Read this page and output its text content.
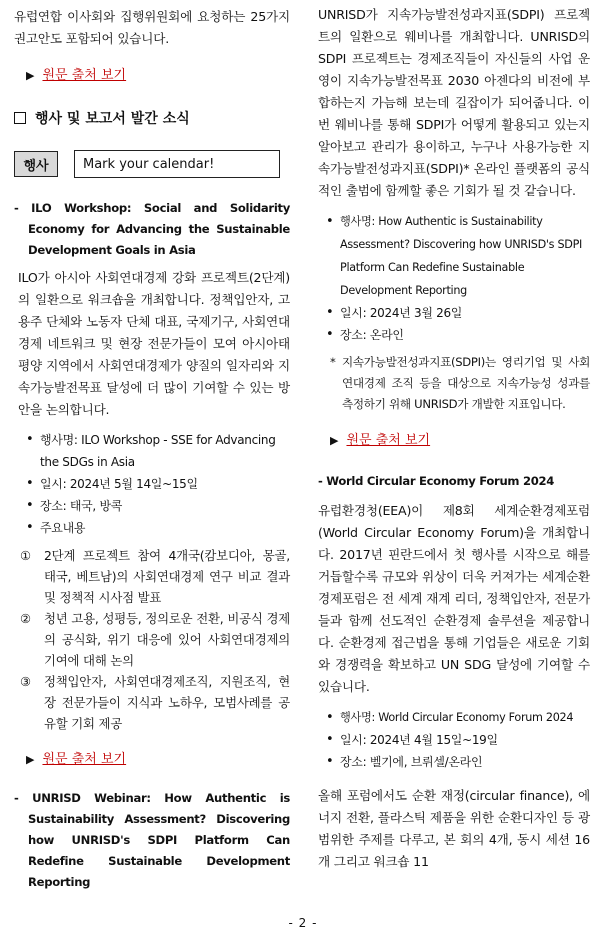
유럽연합 이사회와 집행위원회에 요청하는 25가지 권고안도 포함되어 있습니다.

▶ 원문 출처 보기
행사 및 보고서 발간 소식
행사	Mark your calendar!

- ILO Workshop: Social and Solidarity Economy for Advancing the Sustainable Development Goals in Asia

ILO가 아시아 사회연대경제 강화 프로젝트(2단계)의 일환으로 워크숍을 개최합니다. 정책입안자, 고용주 단체와 노동자 단체 대표, 국제기구, 사회연대경제 네트워크 및 현장 전문가들이 모여 아시아태평양 지역에서 사회연대경제가 양질의 일자리와 지속가능발전목표 달성에 더 많이 기여할 수 있는 방안을 논의합니다.

• 행사명: ILO Workshop - SSE for Advancing the SDGs in Asia
• 일시: 2024년 5월 14일~15일
• 장소: 태국, 방콕
• 주요내용
① 2단계 프로젝트 참여 4개국(캄보디아, 몽골, 태국, 베트남)의 사회연대경제 연구 비교 결과 및 정책적 시사점 발표
② 청년 고용, 성평등, 정의로운 전환, 비공식 경제의 공식화, 위기 대응에 있어 사회연대경제의 기여에 대해 논의
③ 정책입안자, 사회연대경제조직, 지원조직, 현장 전문가들이 지식과 노하우, 모범사례를 공유할 기회 제공
▶ 원문 출처 보기

- UNRISD Webinar: How Authentic is Sustainability Assessment? Discovering how UNRISD's SDPI Platform Can Redefine Sustainable Development Reporting

UNRISD가 지속가능발전성과지표(SDPI) 프로젝트의 일환으로 웨비나를 개최합니다. UNRISD의 SDPI 프로젝트는 경제조직들이 자신들의 사업 운영이 지속가능발전목표 2030 아젠다의 비전에 부합하는지 가늠해 보는데 길잡이가 되어줍니다. 이번 웨비나를 통해 SDPI가 어떻게 활용되고 있는지 알아보고 관리가 용이하고, 누구나 사용가능한 지속가능발전성과지표(SDPI)* 온라인 플랫폼의 공식적인 출범에 함께할 좋은 기회가 될 것 같습니다.

• 행사명: How Authentic is Sustainability Assessment? Discovering how UNRISD's SDPI Platform Can Redefine Sustainable Development Reporting
• 일시: 2024년 3월 26일
• 장소: 온라인
* 지속가능발전성과지표(SDPI)는 영리기업 및 사회연대경제 조직 등을 대상으로 지속가능성 성과를 측정하기 위해 UNRISD가 개발한 지표입니다.
▶ 원문 출처 보기

- World Circular Economy Forum 2024

유럽환경청(EEA)이 제8회 세계순환경제포럼(World Circular Economy Forum)을 개최합니다. 2017년 핀란드에서 첫 행사를 시작으로 해를 거듭할수록 규모와 위상이 더욱 커져가는 세계순환경제포럼은 전 세계 재계 리더, 정책입안자, 전문가들과 함께 선도적인 순환경제 솔루션을 제공합니다. 순환경제 접근법을 통해 기업들은 새로운 기회와 경쟁력을 확보하고 UN SDG 달성에 기여할 수 있습니다.

• 행사명: World Circular Economy Forum 2024
• 일시: 2024년 4월 15일~19일
• 장소: 벨기에, 브뤼셀/온라인

올해 포럼에서도 순환 재정(circular finance), 에너지 전환, 플라스틱 제품을 위한 순환디자인 등 광범위한 주제를 다루고, 본 회의 4개, 동시 세션 16개 그리고 워크숍 11

- 2 -
